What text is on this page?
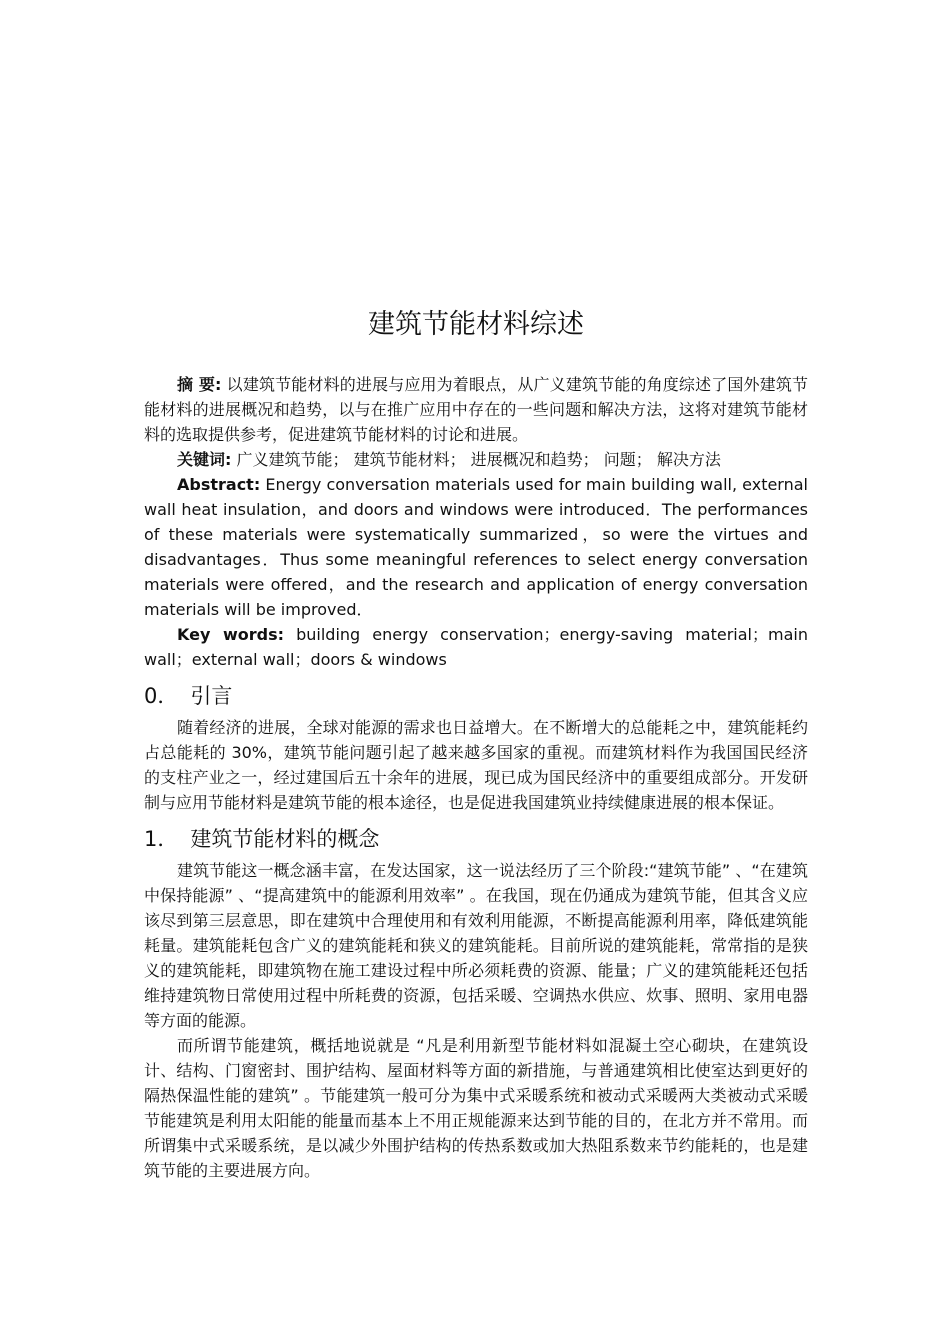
建筑节能材料综述

摘 要: 以建筑节能材料的进展与应用为着眼点，从广义建筑节能的角度综述了国外建筑节能材料的进展概况和趋势，以与在推广应用中存在的一些问题和解决方法，这将对建筑节能材料的选取提供参考，促进建筑节能材料的讨论和进展。

关键词: 广义建筑节能； 建筑节能材料； 进展概况和趋势； 问题； 解决方法

Abstract: Energy conversation materials used for main building wall, external wall heat insulation，and doors and windows were introduced．The performances of these materials were systematically summarized，so were the virtues and disadvantages．Thus some meaningful references to select energy conversation materials were offered，and the research and application of energy conversation materials will be improved．

Key words: building energy conservation；energy-saving material；main wall；external wall；doors & windows

0． 引言

随着经济的进展，全球对能源的需求也日益增大。在不断增大的总能耗之中，建筑能耗约占总能耗的 30%，建筑节能问题引起了越来越多国家的重视。而建筑材料作为我国国民经济的支柱产业之一，经过建国后五十余年的进展，现已成为国民经济中的重要组成部分。开发研制与应用节能材料是建筑节能的根本途径，也是促进我国建筑业持续健康进展的根本保证。

1． 建筑节能材料的概念

建筑节能这一概念涵丰富，在发达国家，这一说法经历了三个阶段:“建筑节能” 、“在建筑中保持能源” 、“提高建筑中的能源利用效率” 。在我国，现在仍通成为建筑节能，但其含义应该尽到第三层意思，即在建筑中合理使用和有效利用能源，不断提高能源利用率，降低建筑能耗量。建筑能耗包含广义的建筑能耗和狭义的建筑能耗。目前所说的建筑能耗，常常指的是狭义的建筑能耗，即建筑物在施工建设过程中所必须耗费的资源、能量；广义的建筑能耗还包括维持建筑物日常使用过程中所耗费的资源，包括采暖、空调热水供应、炊事、照明、家用电器等方面的能源。

而所谓节能建筑，概括地说就是 “凡是利用新型节能材料如混凝土空心砌块，在建筑设计、结构、门窗密封、围护结构、屋面材料等方面的新措施，与普通建筑相比使室达到更好的隔热保温性能的建筑” 。节能建筑一般可分为集中式采暖系统和被动式采暖两大类被动式采暖节能建筑是利用太阳能的能量而基本上不用正规能源来达到节能的目的，在北方并不常用。而所谓集中式采暖系统，是以减少外围护结构的传热系数或加大热阻系数来节约能耗的，也是建筑节能的主要进展方向。
